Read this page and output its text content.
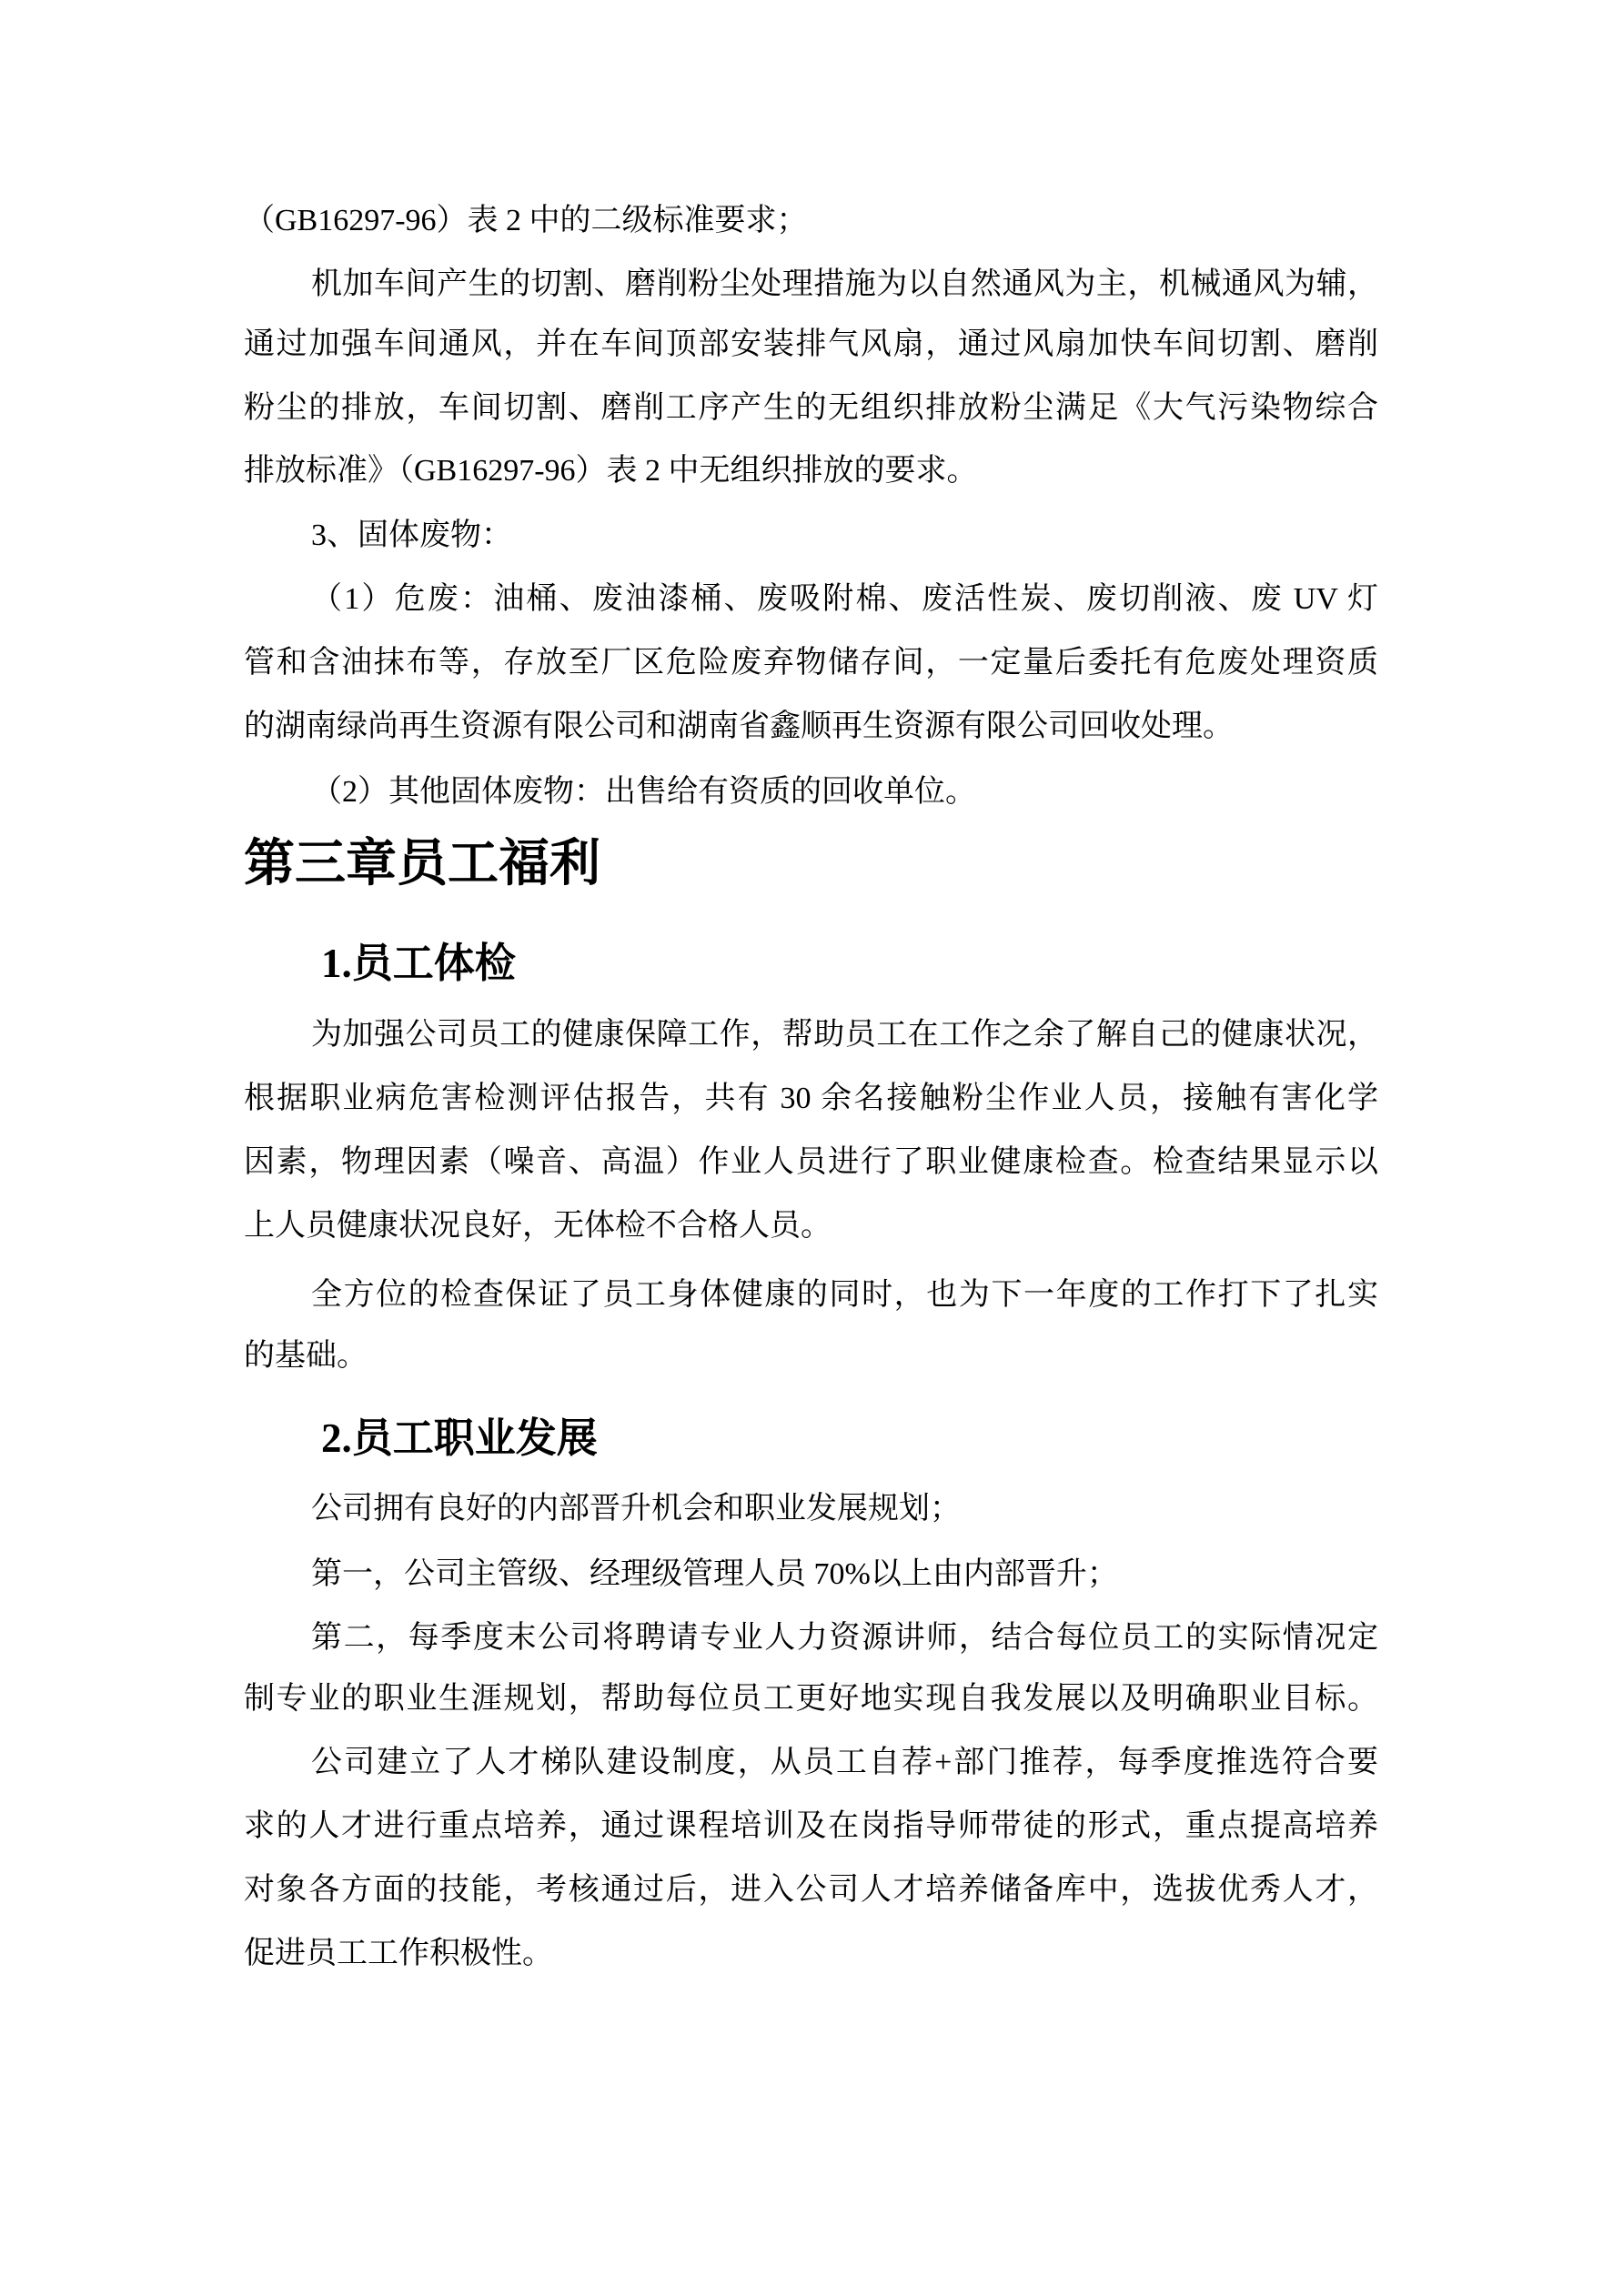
（GB16297-96）表 2 中的二级标准要求；
机加车间产生的切割、磨削粉尘处理措施为以自然通风为主，机械通风为辅，
通过加强车间通风，并在车间顶部安装排气风扇，通过风扇加快车间切割、磨削
粉尘的排放，车间切割、磨削工序产生的无组织排放粉尘满足《大气污染物综合
排放标准》（GB16297-96）表 2 中无组织排放的要求。
3、固体废物：
（1）危废：油桶、废油漆桶、废吸附棉、废活性炭、废切削液、废 UV 灯
管和含油抹布等，存放至厂区危险废弃物储存间，一定量后委托有危废处理资质
的湖南绿尚再生资源有限公司和湖南省鑫顺再生资源有限公司回收处理。
（2）其他固体废物：出售给有资质的回收单位。
第三章员工福利
1.员工体检
为加强公司员工的健康保障工作，帮助员工在工作之余了解自己的健康状况，
根据职业病危害检测评估报告，共有 30 余名接触粉尘作业人员，接触有害化学
因素，物理因素（噪音、高温）作业人员进行了职业健康检查。检查结果显示以
上人员健康状况良好，无体检不合格人员。
全方位的检查保证了员工身体健康的同时，也为下一年度的工作打下了扎实
的基础。
2.员工职业发展
公司拥有良好的内部晋升机会和职业发展规划；
第一，公司主管级、经理级管理人员 70%以上由内部晋升；
第二，每季度末公司将聘请专业人力资源讲师，结合每位员工的实际情况定
制专业的职业生涯规划，帮助每位员工更好地实现自我发展以及明确职业目标。
公司建立了人才梯队建设制度，从员工自荐+部门推荐，每季度推选符合要
求的人才进行重点培养，通过课程培训及在岗指导师带徒的形式，重点提高培养
对象各方面的技能，考核通过后，进入公司人才培养储备库中，选拔优秀人才，
促进员工工作积极性。
